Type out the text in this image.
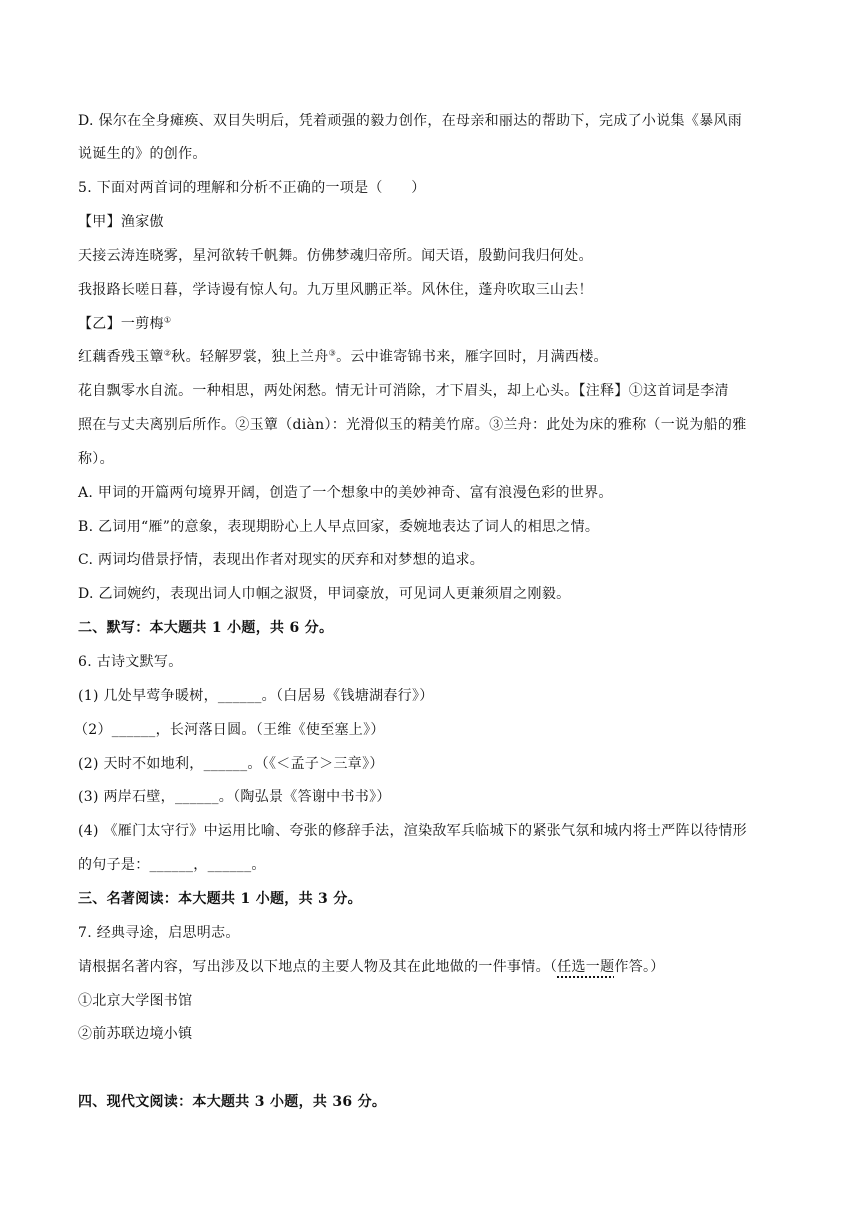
D. 保尔在全身瘫痪、双目失明后，凭着顽强的毅力创作，在母亲和丽达的帮助下，完成了小说集《暴风雨

说诞生的》的创作。

5. 下面对两首词的理解和分析不正确的一项是（　　）

【甲】渔家傲

天接云涛连晓雾，星河欲转千帆舞。仿佛梦魂归帝所。闻天语，殷勤问我归何处。

我报路长嗟日暮，学诗谩有惊人句。九万里风鹏正举。风休住，蓬舟吹取三山去！

【乙】一剪梅①

红藕香残玉簟②秋。轻解罗裳，独上兰舟③。云中谁寄锦书来，雁字回时，月满西楼。

花自飘零水自流。一种相思，两处闲愁。情无计可消除，才下眉头，却上心头。【注释】①这首词是李清

照在与丈夫离别后所作。②玉簟（diàn）：光滑似玉的精美竹席。③兰舟：此处为床的雅称（一说为船的雅

称）。

A. 甲词的开篇两句境界开阔，创造了一个想象中的美妙神奇、富有浪漫色彩的世界。

B. 乙词用“雁”的意象，表现期盼心上人早点回家，委婉地表达了词人的相思之情。

C. 两词均借景抒情，表现出作者对现实的厌弃和对梦想的追求。

D. 乙词婉约，表现出词人巾帼之淑贤，甲词豪放，可见词人更兼须眉之刚毅。

二、默写：本大题共 1 小题，共 6 分。

6. 古诗文默写。

(1) 几处早莺争暖树，______。（白居易《钱塘湖春行》）

（2）______，长河落日圆。（王维《使至塞上》）

(2) 天时不如地利，______。（《＜孟子＞三章》）

(3) 两岸石壁，______。（陶弘景《答谢中书书》）

(4) 《雁门太守行》中运用比喻、夸张的修辞手法，渲染敌军兵临城下的紧张气氛和城内将士严阵以待情形

的句子是：______，______。

三、名著阅读：本大题共 1 小题，共 3 分。

7. 经典寻途，启思明志。

请根据名著内容，写出涉及以下地点的主要人物及其在此地做的一件事情。（任选一题作答。）

①北京大学图书馆

②前苏联边境小镇

四、现代文阅读：本大题共 3 小题，共 36 分。
